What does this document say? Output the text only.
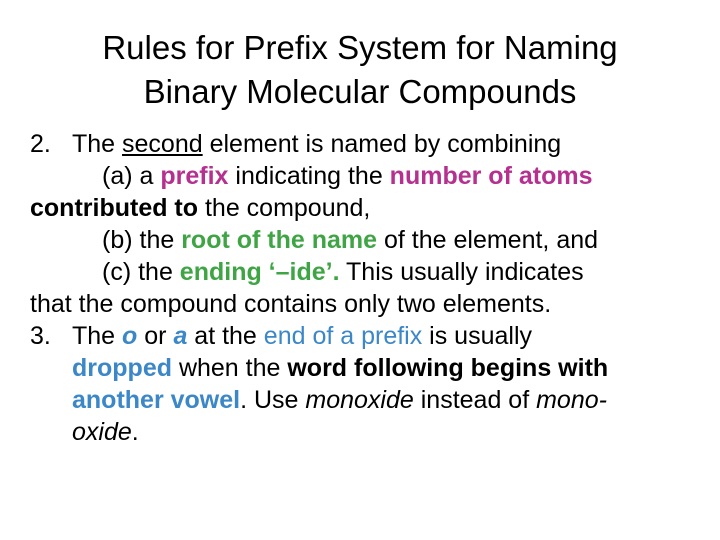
Rules for Prefix System for Naming
Binary Molecular Compounds
2. The second element is named by combining
(a) a prefix indicating the number of atoms
contributed to the compound,
(b) the root of the name of the element, and
(c) the ending ‘–ide’. This usually indicates
that the compound contains only two elements.
3. The o or a at the end of a prefix is usually
dropped when the word following begins with
another vowel. Use monoxide instead of mono-
oxide.
